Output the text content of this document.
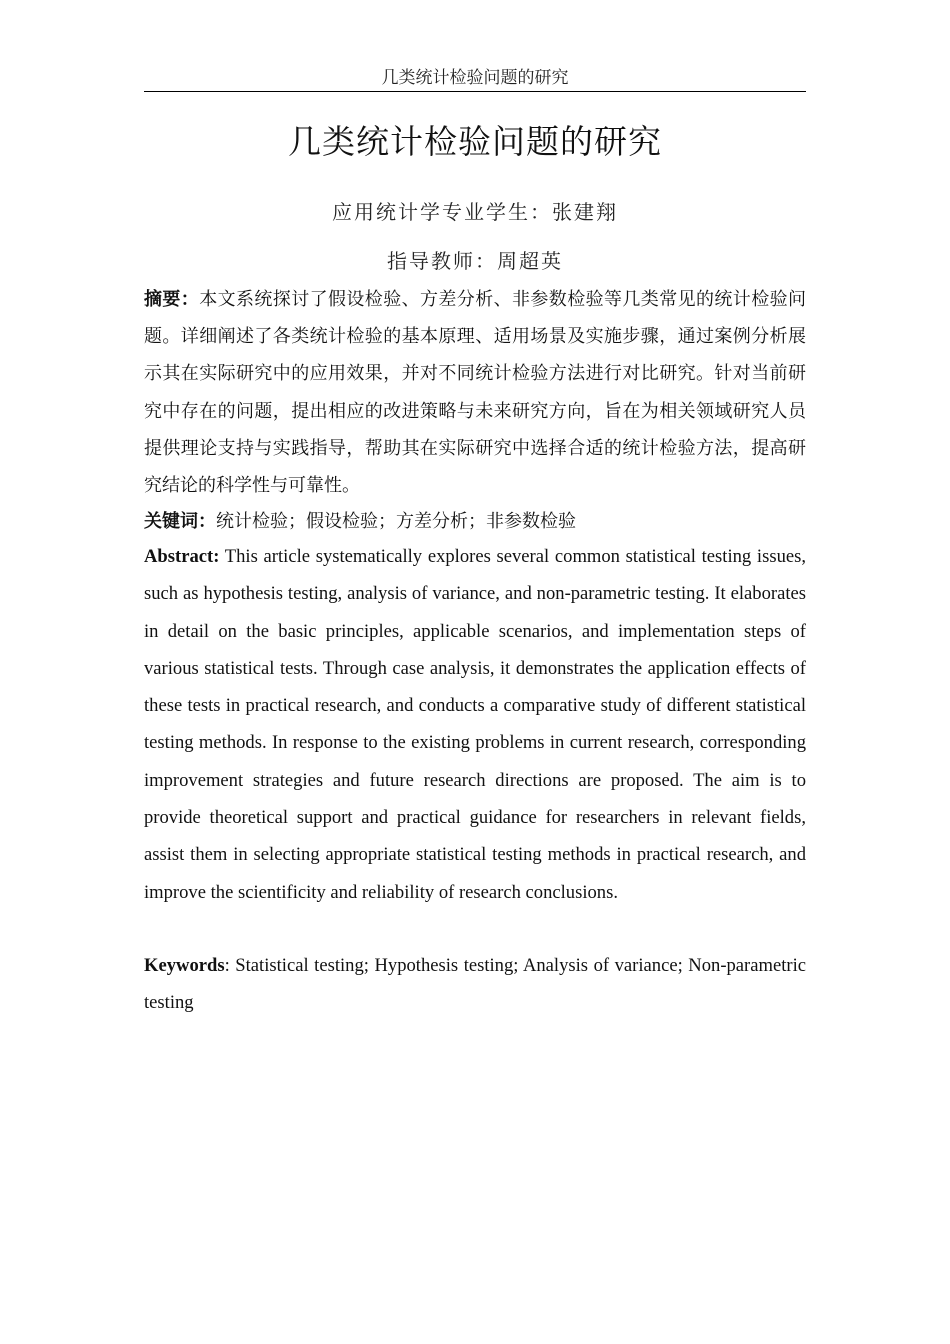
几类统计检验问题的研究
几类统计检验问题的研究
应用统计学专业学生：张建翔
指导教师：周超英

摘要：本文系统探讨了假设检验、方差分析、非参数检验等几类常见的统计检验问题。详细阐述了各类统计检验的基本原理、适用场景及实施步骤，通过案例分析展示其在实际研究中的应用效果，并对不同统计检验方法进行对比研究。针对当前研究中存在的问题，提出相应的改进策略与未来研究方向，旨在为相关领域研究人员提供理论支持与实践指导，帮助其在实际研究中选择合适的统计检验方法，提高研究结论的科学性与可靠性。

关键词：统计检验；假设检验；方差分析；非参数检验

Abstract: This article systematically explores several common statistical testing issues, such as hypothesis testing, analysis of variance, and non-parametric testing. It elaborates in detail on the basic principles, applicable scenarios, and implementation steps of various statistical tests. Through case analysis, it demonstrates the application effects of these tests in practical research, and conducts a comparative study of different statistical testing methods. In response to the existing problems in current research, corresponding improvement strategies and future research directions are proposed. The aim is to provide theoretical support and practical guidance for researchers in relevant fields, assist them in selecting appropriate statistical testing methods in practical research, and improve the scientificity and reliability of research conclusions.

Keywords: Statistical testing; Hypothesis testing; Analysis of variance; Non-parametric testing
